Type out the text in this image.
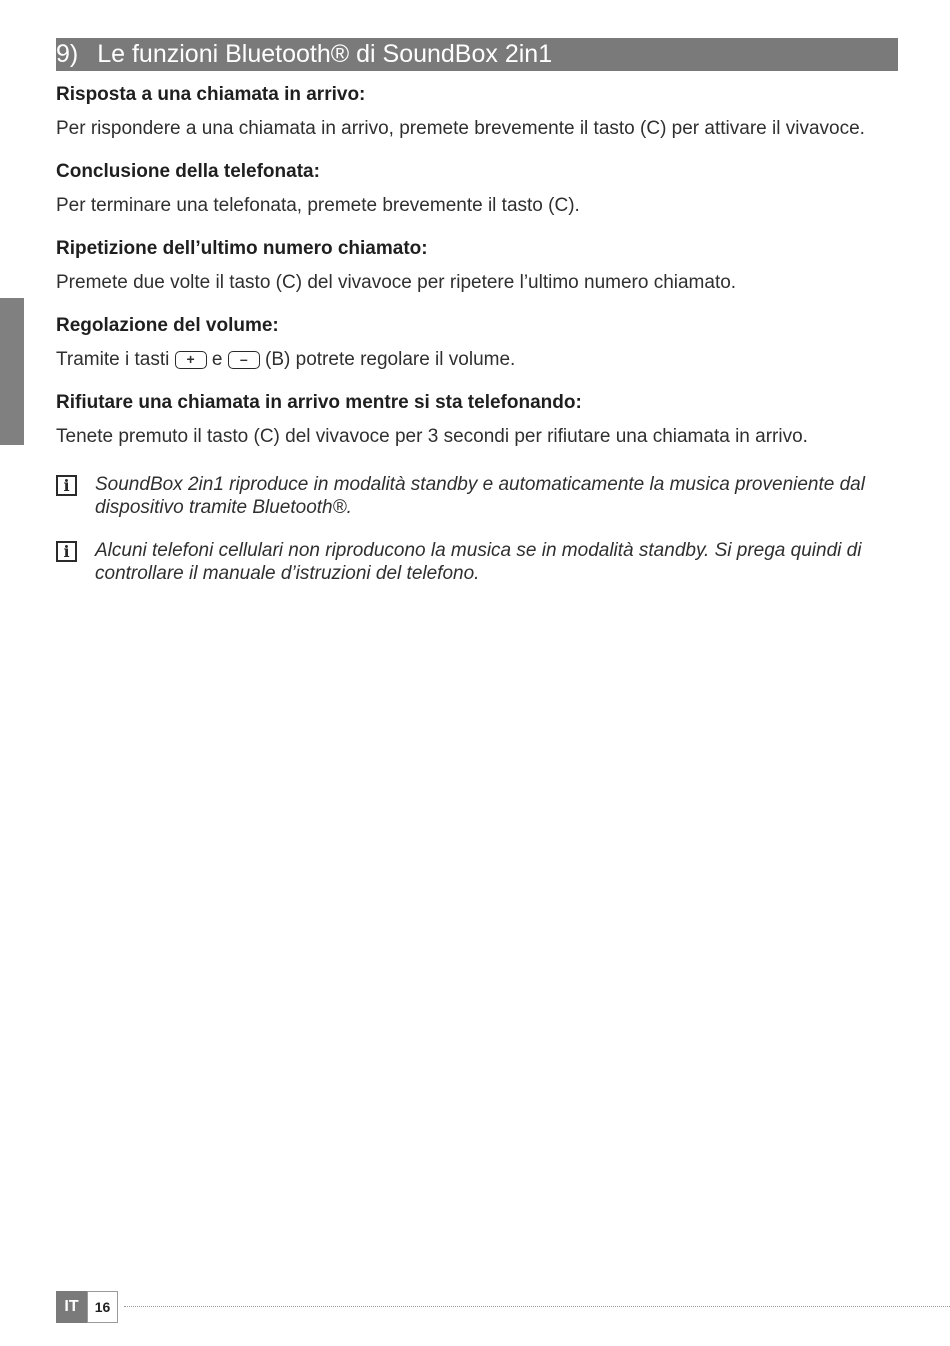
9) Le funzioni Bluetooth® di SoundBox 2in1

Risposta a una chiamata in arrivo:

Per rispondere a una chiamata in arrivo, premete brevemente il tasto (C) per attivare il vivavoce.

Conclusione della telefonata:

Per terminare una telefonata, premete brevemente il tasto (C).

Ripetizione dell’ultimo numero chiamato:

Premete due volte il tasto (C) del vivavoce per ripetere l’ultimo numero chiamato.

Regolazione del volume:

Tramite i tasti + e – (B) potrete regolare il volume.

Rifiutare una chiamata in arrivo mentre si sta telefonando:

Tenete premuto il tasto (C) del vivavoce per 3 secondi per rifiutare una chiamata in arrivo.

i	SoundBox 2in1 riproduce in modalità standby e automaticamente la musica proveniente dal dispositivo tramite Bluetooth®.
i	Alcuni telefoni cellulari non riproducono la musica se in modalità standby. Si prega quindi di controllare il manuale d’istruzioni del telefono.
IT	16
